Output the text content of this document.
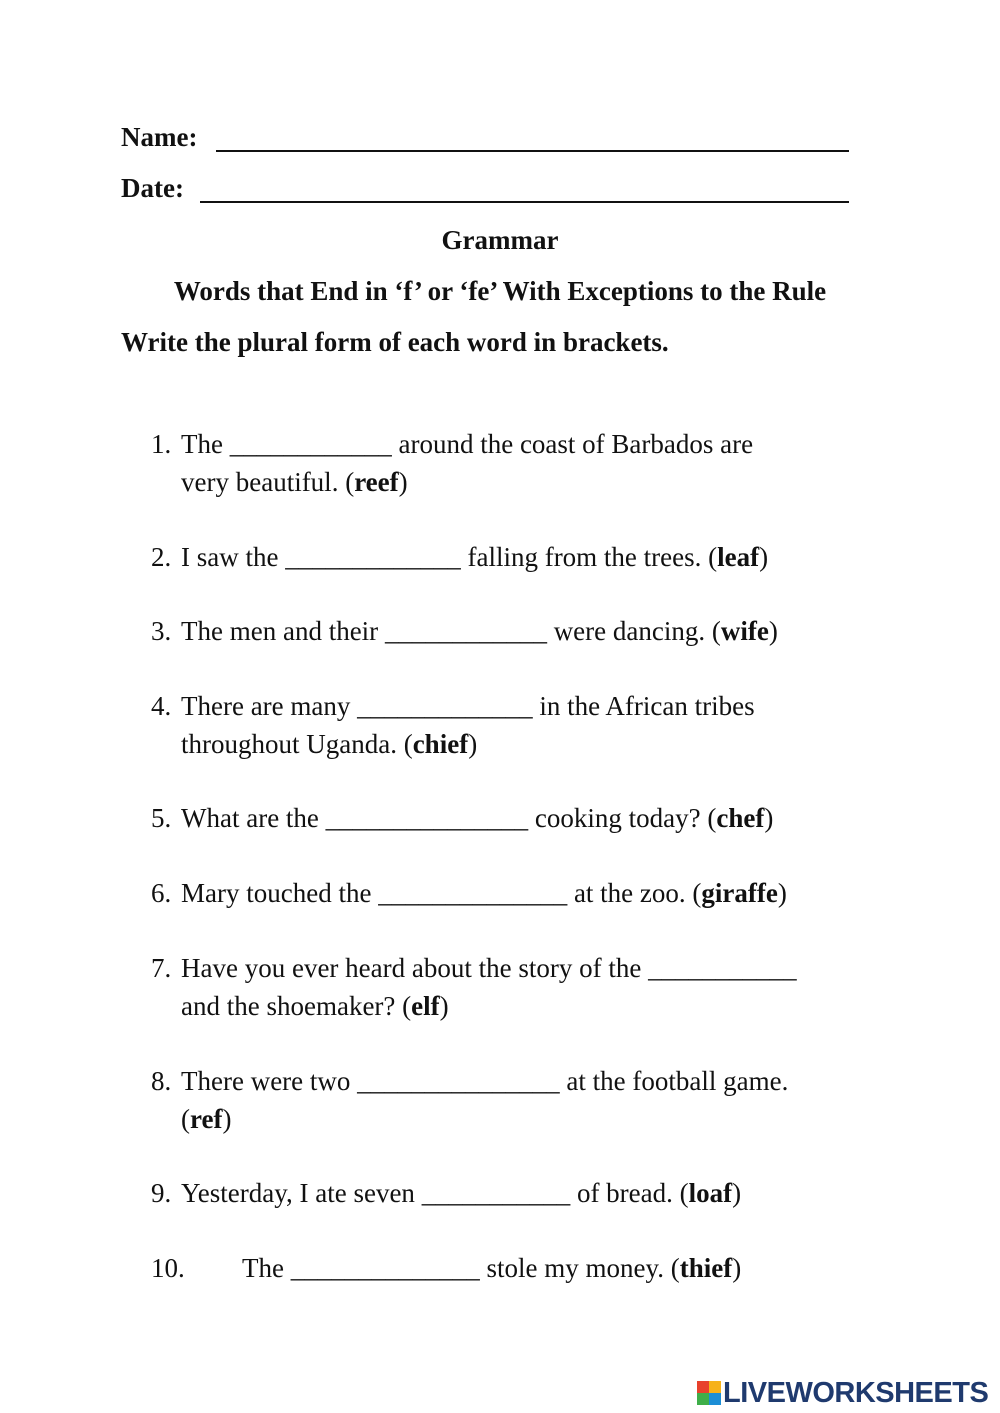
Name:
Date:
Grammar
Words that End in ‘f’ or ‘fe’ With Exceptions to the Rule
Write the plural form of each word in brackets.
1. The ____________ around the coast of Barbados are
very beautiful. (reef)
2. I saw the _____________ falling from the trees. (leaf)
3. The men and their ____________ were dancing. (wife)
4. There are many _____________ in the African tribes
throughout Uganda. (chief)
5. What are the _______________ cooking today? (chef)
6. Mary touched the ______________ at the zoo. (giraffe)
7. Have you ever heard about the story of the ___________
and the shoemaker? (elf)
8. There were two _______________ at the football game.
(ref)
9. Yesterday, I ate seven ___________ of bread. (loaf)
10. The ______________ stole my money. (thief)
LIVEWORKSHEETS
